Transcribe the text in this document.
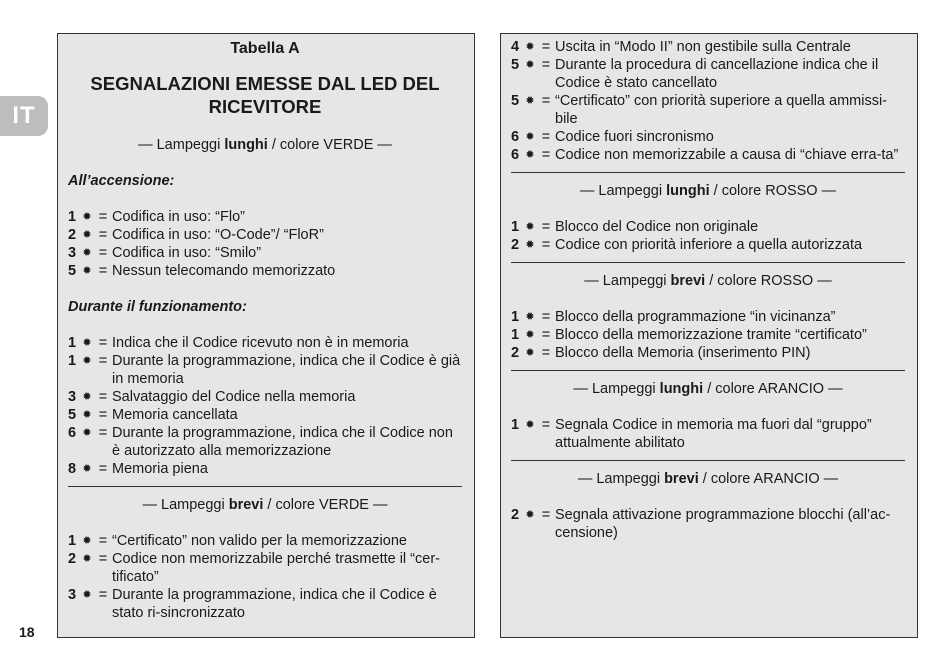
IT
18
Tabella A
SEGNALAZIONI EMESSE DAL LED DEL RICEVITORE
— Lampeggi lunghi / colore VERDE —
All’accensione:
1 ✹ = Codifica in uso: “Flo”
2 ✹ = Codifica in uso: “O-Code”/ “FloR”
3 ✹ = Codifica in uso: “Smilo”
5 ✹ = Nessun telecomando memorizzato
Durante il funzionamento:
1 ✹ = Indica che il Codice ricevuto non è in memoria
1 ✹ = Durante la programmazione, indica che il Codice è già in memoria
3 ✹ = Salvataggio del Codice nella memoria
5 ✹ = Memoria cancellata
6 ✹ = Durante la programmazione, indica che il Codice non è autorizzato alla memorizzazione
8 ✹ = Memoria piena
— Lampeggi brevi / colore VERDE —
1 ✹ = “Certificato” non valido per la memorizzazione
2 ✹ = Codice non memorizzabile perché trasmette il “cer-tificato”
3 ✹ = Durante la programmazione, indica che il Codice è stato ri-sincronizzato
4 ✹ = Uscita in “Modo II” non gestibile sulla Centrale
5 ✹ = Durante la procedura di cancellazione indica che il Codice è stato cancellato
5 ✹ = “Certificato” con priorità superiore a quella ammissi-bile
6 ✹ = Codice fuori sincronismo
6 ✹ = Codice non memorizzabile a causa di “chiave erra-ta”
— Lampeggi lunghi / colore ROSSO —
1 ✹ = Blocco del Codice non originale
2 ✹ = Codice con priorità inferiore a quella autorizzata
— Lampeggi brevi / colore ROSSO —
1 ✹ = Blocco della programmazione “in vicinanza”
1 ✹ = Blocco della memorizzazione tramite “certificato”
2 ✹ = Blocco della Memoria (inserimento PIN)
— Lampeggi lunghi / colore ARANCIO —
1 ✹ = Segnala Codice in memoria ma fuori dal “gruppo” attualmente abilitato
— Lampeggi brevi / colore ARANCIO —
2 ✹ = Segnala attivazione programmazione blocchi (all’ac-censione)
